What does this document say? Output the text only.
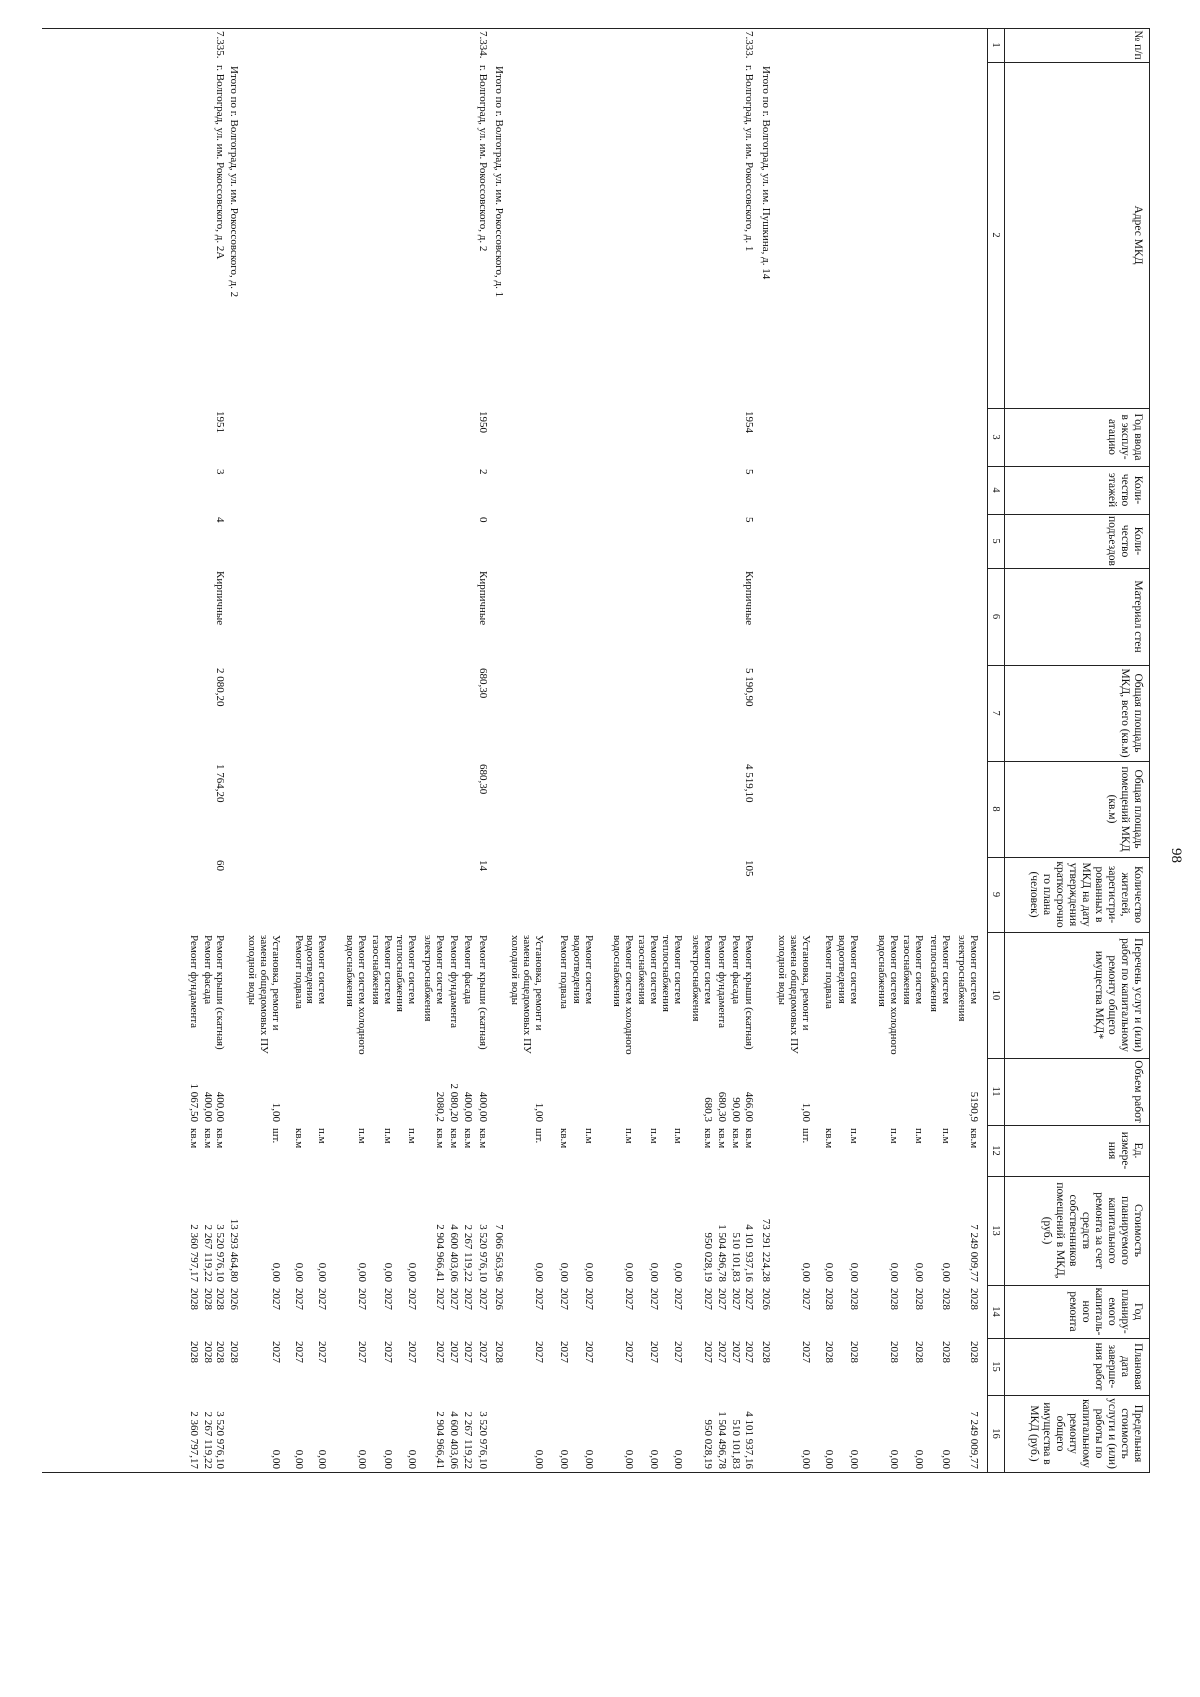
98
№ п/п
Адрес МКД
Год ввода в эксплу-атацию
Коли-чество этажей
Коли-чество подъездов
Материал стен
Общая площадь МКД, всего (кв.м)
Общая площадь помещений МКД (кв.м)
Количество жителей, зарегистри-рованных в МКД на дату утверждения краткосрочно го плана (человек)
Перечень услуг и (или) работ по капитальному ремонту общего имущества МКД*
Объем работ
Ед. измере-ния
Стоимость планируемого капитального ремонта за счет средств собственников помещений в МКД, (руб.)
Год планиру-емого капиталь-ного ремонта
Плановая дата заверше-ния работ
Предельная стоимость услуги и (или) работы по капитальному ремонту общего имущества в МКД (руб.)
1
2
3
4
5
6
7
8
9
10
11
12
13
14
15
16
Ремонт систем электроснабжения
5190,9
кв.м
7 249 009,77
2028
2028
7 249 009,77
Ремонт систем теплоснабжения
п.м
0,00
2028
2028
0,00
Ремонт систем газоснабжения
п.м
0,00
2028
2028
0,00
Ремонт систем холодного водоснабжения
п.м
0,00
2028
2028
0,00
Ремонт систем водоотведения
п.м
0,00
2028
2028
0,00
Ремонт подвала
кв.м
0,00
2028
2028
0,00
Установка, ремонт и замена общедомовых ПУ холодной воды
1,00
шт.
0,00
2027
2027
0,00
Итого по г. Волгоград, ул. им. Пушкина, д. 14
73 291 224,28
2026
2028
7.333.
г. Волгоград, ул. им. Рокоссовского, д. 1
1954
5
5
Кирпичные
5 190,90
4 519,10
105
Ремонт крыши (скатная)
466,00
кв.м
4 101 937,16
2027
2027
4 101 937,16
Ремонт фасада
90,00
кв.м
510 101,83
2027
2027
510 101,83
Ремонт фундамента
680,30
кв.м
1 504 496,78
2027
2027
1 504 496,78
Ремонт систем электроснабжения
680,3
кв.м
950 028,19
2027
2027
950 028,19
Ремонт систем теплоснабжения
п.м
0,00
2027
2027
0,00
Ремонт систем газоснабжения
п.м
0,00
2027
2027
0,00
Ремонт систем холодного водоснабжения
п.м
0,00
2027
2027
0,00
Ремонт систем водоотведения
п.м
0,00
2027
2027
0,00
Ремонт подвала
кв.м
0,00
2027
2027
0,00
Установка, ремонт и замена общедомовых ПУ холодной воды
1,00
шт.
0,00
2027
2027
0,00
Итого по г. Волгоград, ул. им. Рокоссовского, д. 1
7 066 563,96
2026
2028
7.334.
г. Волгоград, ул. им. Рокоссовского, д. 2
1950
2
0
Кирпичные
680,30
680,30
14
Ремонт крыши (скатная)
400,00
кв.м
3 520 976,10
2027
2027
3 520 976,10
Ремонт фасада
400,00
кв.м
2 267 119,22
2027
2027
2 267 119,22
Ремонт фундамента
2 080,20
кв.м
4 600 403,06
2027
2027
4 600 403,06
Ремонт систем электроснабжения
2080,2
кв.м
2 904 966,41
2027
2027
2 904 966,41
Ремонт систем теплоснабжения
п.м
0,00
2027
2027
0,00
Ремонт систем газоснабжения
п.м
0,00
2027
2027
0,00
Ремонт систем холодного водоснабжения
п.м
0,00
2027
2027
0,00
Ремонт систем водоотведения
п.м
0,00
2027
2027
0,00
Ремонт подвала
кв.м
0,00
2027
2027
0,00
Установка, ремонт и замена общедомовых ПУ холодной воды
1,00
шт.
0,00
2027
2027
0,00
Итого по г. Волгоград, ул. им. Рокоссовского, д. 2
13 293 464,80
2026
2028
7.335.
г. Волгоград, ул. им. Рокоссовского, д. 2А
1951
3
4
Кирпичные
2 080,20
1 764,20
60
Ремонт крыши (скатная)
400,00
кв.м
3 520 976,10
2028
2028
3 520 976,10
Ремонт фасада
400,00
кв.м
2 267 119,22
2028
2028
2 267 119,22
Ремонт фундамента
1 067,50
кв.м
2 360 797,17
2028
2028
2 360 797,17
